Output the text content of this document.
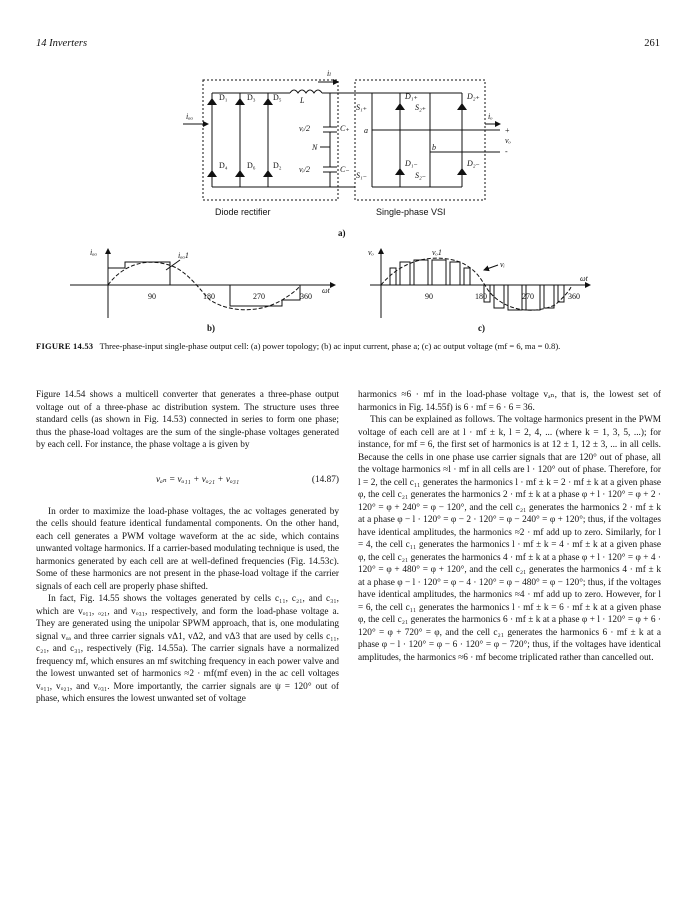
14 Inverters	261
D₁ D₃ D₅
D₄ D₆ D₂
L
iₗ
iₐₐ
vᵢ/2
vᵢ/2
C₊
C₋
N
S₁₊	S₂₊
S₁₋	S₂₋
D₁₊	D₂₊
D₁₋	D₂₋
a
b
iₒ
+
vₒ
-
Diode rectifier	Single-phase VSI
a)
iₐₐ	iₐₐ1
ωt
90	180	270	360
b)
vₒ	vₒ1
vᵢ
ωt
90	180	270	360
c)
FIGURE 14.53 Three-phase-input single-phase output cell: (a) power topology; (b) ac input current, phase a; (c) ac output voltage (mf = 6, ma = 0.8).

Figure 14.54 shows a multicell converter that generates a three-phase output voltage out of a three-phase ac distribution system. The structure uses three standard cells (as shown in Fig. 14.53) connected in series to form one phase; thus the phase-load voltages are the sum of the single-phase voltages generated by each cell. For instance, the phase voltage a is given by

vₐₙ = vₒ₁₁ + vₒ₂₁ + vₒ₃₁	(14.87)

In order to maximize the load-phase voltages, the ac voltages generated by the cells should feature identical fundamental components. On the other hand, each cell generates a PWM voltage waveform at the ac side, which contains unwanted voltage harmonics. If a carrier-based modulating technique is used, the harmonics generated by each cell are at well-defined frequencies (Fig. 14.53c). Some of these harmonics are not present in the phase-load voltage if the carrier signals of each cell are properly phase shifted.

In fact, Fig. 14.55 shows the voltages generated by cells c₁₁, c₂₁, and c₃₁, which are vₒ₁₁, ₒ₂₁, and vₒ₃₁, respectively, and form the load-phase voltage a. They are generated using the unipolar SPWM approach, that is, one modulating signal vₒₐ and three carrier signals vΔ1, vΔ2, and vΔ3 that are used by cells c₁₁, c₂₁, and c₃₁, respectively (Fig. 14.55a). The carrier signals have a normalized frequency mf, which ensures an mf switching frequency in each power valve and the lowest unwanted set of harmonics ≈2 · mf(mf even) in the ac cell voltages vₒ₁₁, vₒ₂₁, and vₒ₃₁. More importantly, the carrier signals are ψ = 120° out of phase, which ensures the lowest unwanted set of voltage

harmonics ≈6 · mf in the load-phase voltage vₐₙ, that is, the lowest set of harmonics in Fig. 14.55f) is 6 · mf = 6 · 6 = 36.

This can be explained as follows. The voltage harmonics present in the PWM voltage of each cell are at l · mf ± k, l = 2, 4, ... (where k = 1, 3, 5, ...); for instance, for mf = 6, the first set of harmonics is at 12 ± 1, 12 ± 3, ... in all cells. Because the cells in one phase use carrier signals that are 120° out of phase, all the voltage harmonics ≈l · mf in all cells are l · 120° out of phase. Therefore, for l = 2, the cell c₁₁ generates the harmonics l · mf ± k = 2 · mf ± k at a given phase φ, the cell c₂₁ generates the harmonics 2 · mf ± k at a phase φ + l · 120° = φ + 2 · 120° = φ + 240° = φ − 120°, and the cell c₂₁ generates the harmonics 2 · mf ± k at a phase φ − l · 120° = φ − 2 · 120° = φ − 240° = φ + 120°; thus, if the voltages have identical amplitudes, the harmonics ≈2 · mf add up to zero. Similarly, for l = 4, the cell c₁₁ generates the harmonics l · mf ± k = 4 · mf ± k at a given phase φ, the cell c₂₁ generates the harmonics 4 · mf ± k at a phase φ + l · 120° = φ + 4 · 120° = φ + 480° = φ + 120°, and the cell c₂₁ generates the harmonics 4 · mf ± k at a phase φ − l · 120° = φ − 4 · 120° = φ − 480° = φ − 120°; thus, if the voltages have identical amplitudes, the harmonics ≈4 · mf add up to zero. However, for l = 6, the cell c₁₁ generates the harmonics l · mf ± k = 6 · mf ± k at a given phase φ, the cell c₂₁ generates the harmonics 6 · mf ± k at a phase φ + l · 120° = φ + 6 · 120° = φ + 720° = φ, and the cell c₂₁ generates the harmonics 6 · mf ± k at a phase φ − l · 120° = φ − 6 · 120° = φ − 720°; thus, if the voltages have identical amplitudes, the harmonics ≈6 · mf become triplicated rather than cancelled out.
